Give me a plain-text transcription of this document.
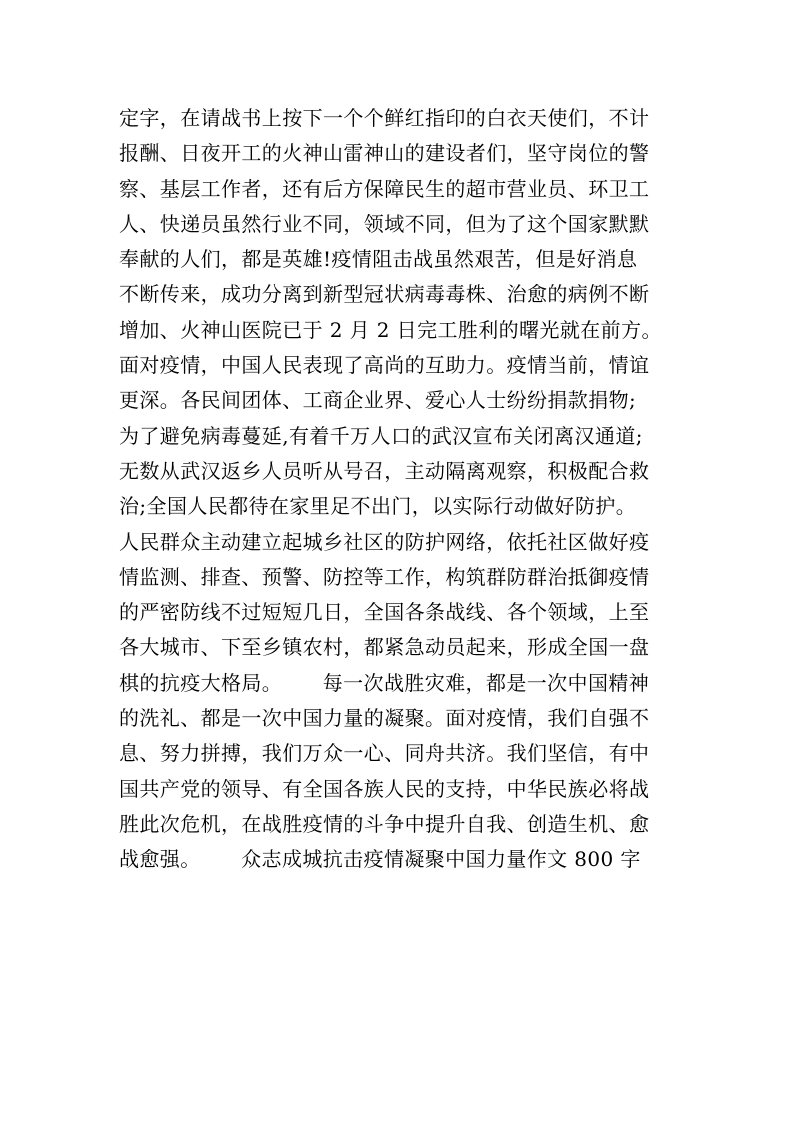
定字，在请战书上按下一个个鲜红指印的白衣天使们，不计
报酬、日夜开工的火神山雷神山的建设者们，坚守岗位的警
察、基层工作者，还有后方保障民生的超市营业员、环卫工
人、快递员虽然行业不同，领域不同，但为了这个国家默默
奉献的人们，都是英雄!疫情阻击战虽然艰苦，但是好消息
不断传来，成功分离到新型冠状病毒毒株、治愈的病例不断
增加、火神山医院已于 2 月 2 日完工胜利的曙光就在前方。
面对疫情，中国人民表现了高尚的互助力。疫情当前，情谊
更深。各民间团体、工商企业界、爱心人士纷纷捐款捐物;
为了避免病毒蔓延,有着千万人口的武汉宣布关闭离汉通道;
无数从武汉返乡人员听从号召，主动隔离观察，积极配合救
治;全国人民都待在家里足不出门，以实际行动做好防护。
人民群众主动建立起城乡社区的防护网络，依托社区做好疫
情监测、排查、预警、防控等工作，构筑群防群治抵御疫情
的严密防线不过短短几日，全国各条战线、各个领域，上至
各大城市、下至乡镇农村，都紧急动员起来，形成全国一盘
棋的抗疫大格局。      每一次战胜灾难，都是一次中国精神
的洗礼、都是一次中国力量的凝聚。面对疫情，我们自强不
息、努力拼搏，我们万众一心、同舟共济。我们坚信，有中
国共产党的领导、有全国各族人民的支持，中华民族必将战
胜此次危机，在战胜疫情的斗争中提升自我、创造生机、愈
战愈强。      众志成城抗击疫情凝聚中国力量作文 800 字
